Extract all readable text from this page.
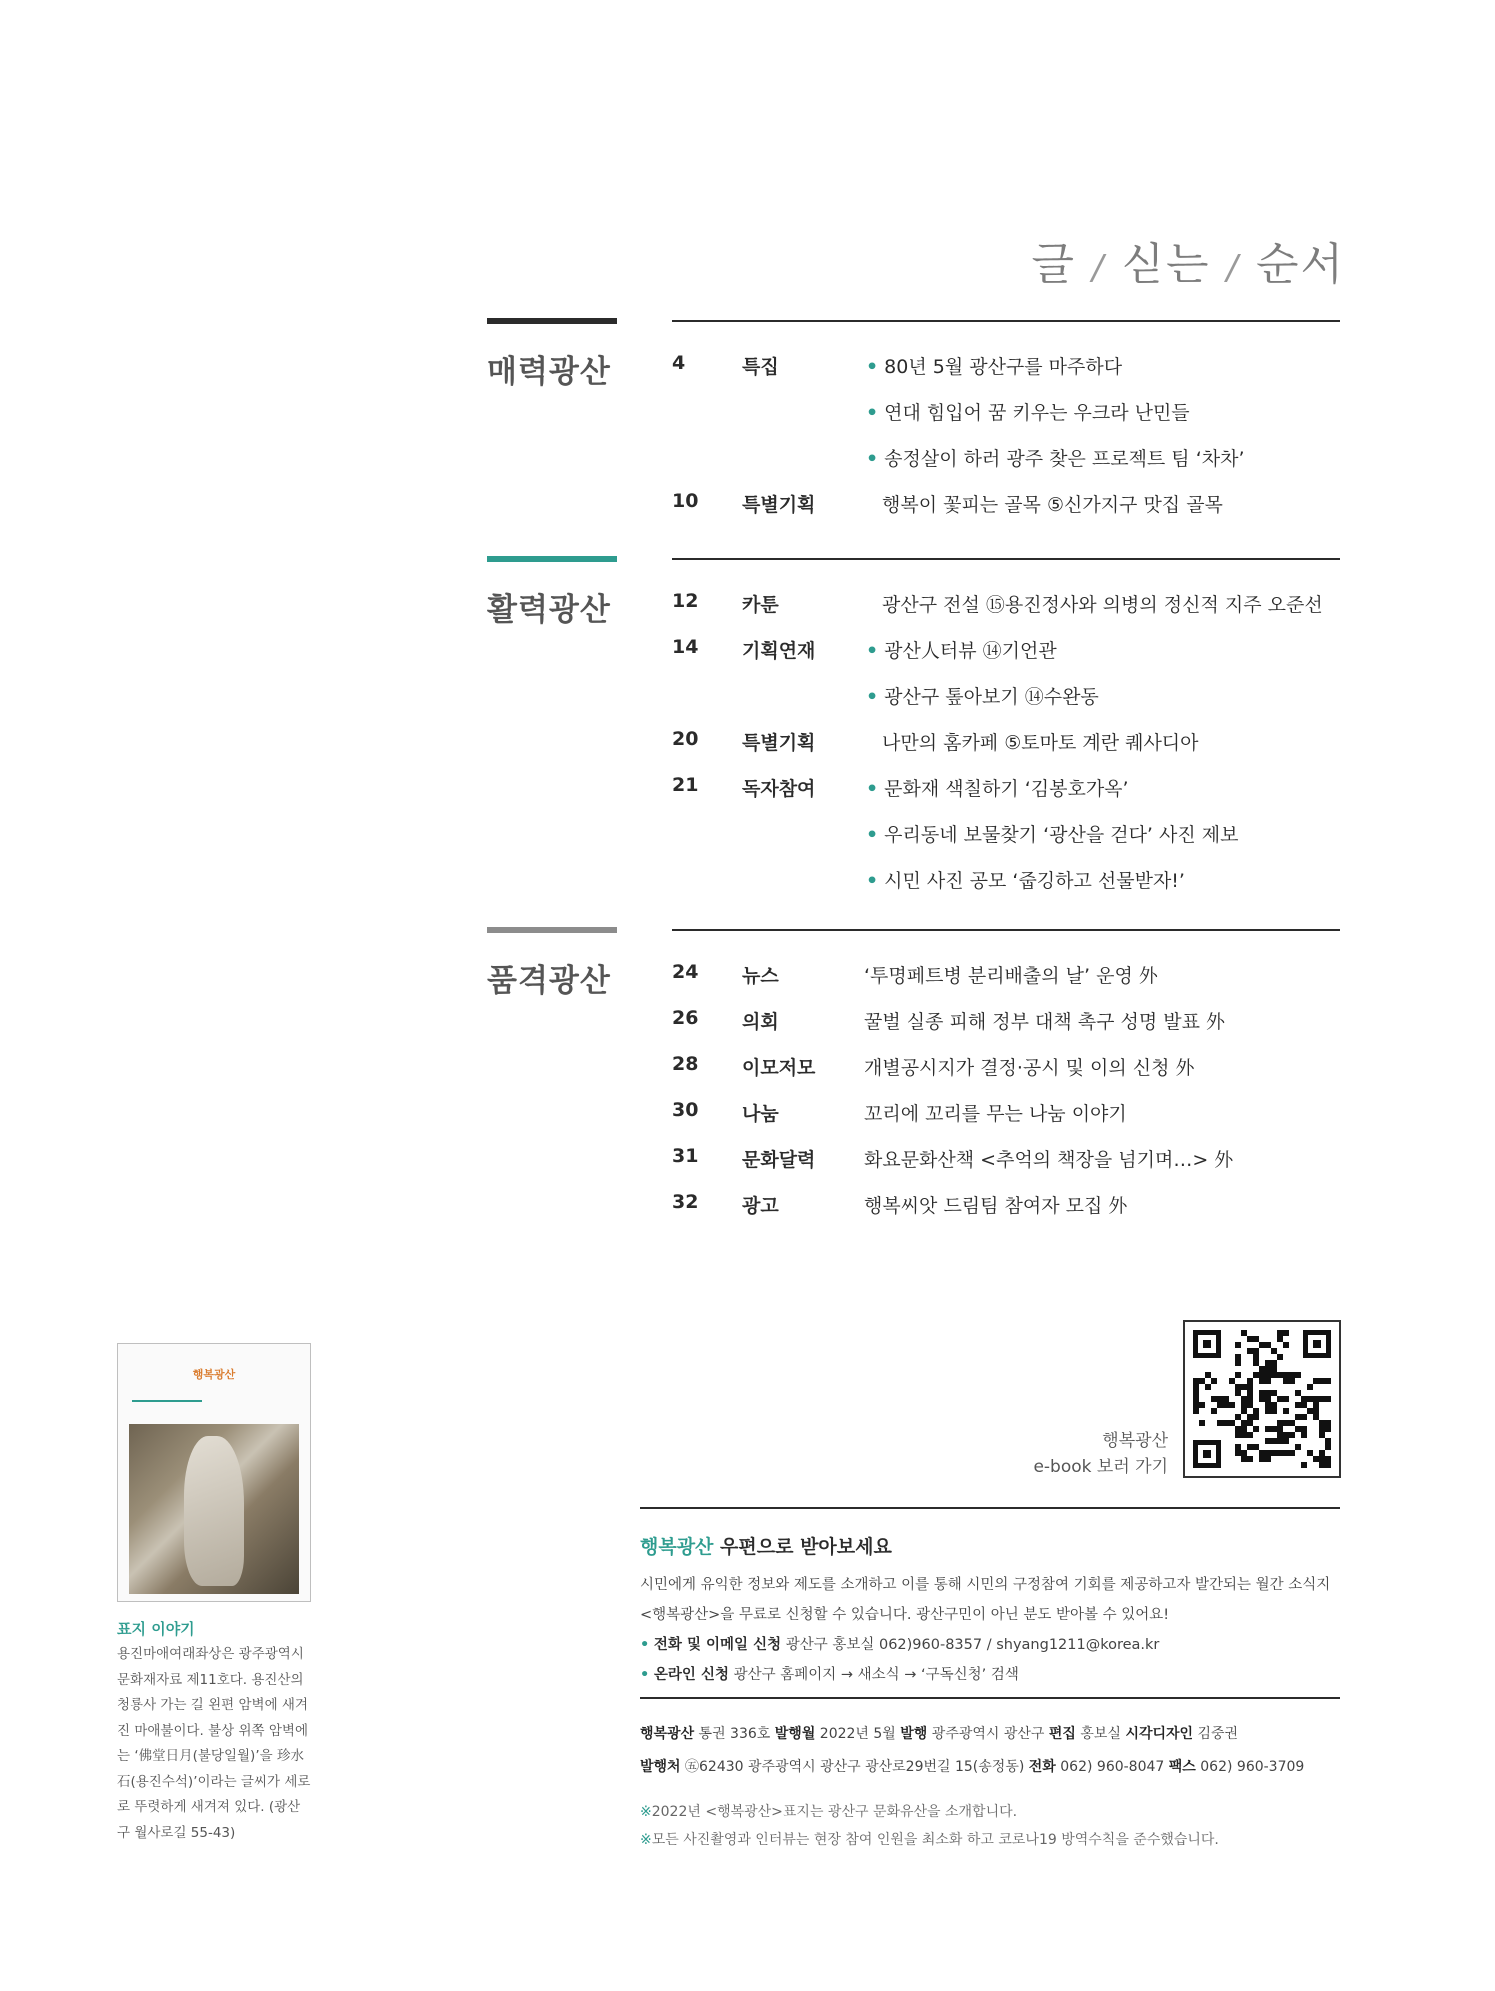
글 / 싣는 / 순서
매력광산	4	특집	• 80년 5월 광산구를 마주하다
• 연대 힘입어 꿈 키우는 우크라 난민들
• 송정살이 하러 광주 찾은 프로젝트 팀 ‘차차’
10	특별기획	행복이 꽃피는 골목 ⑤신가지구 맛집 골목
활력광산	12	카툰	광산구 전설 ⑮용진정사와 의병의 정신적 지주 오준선
14	기획연재	• 광산人터뷰 ⑭기언관
• 광산구 톺아보기 ⑭수완동
20	특별기획	나만의 홈카페 ⑤토마토 계란 퀘사디아
21	독자참여	• 문화재 색칠하기 ‘김봉호가옥’
• 우리동네 보물찾기 ‘광산을 걷다’ 사진 제보
• 시민 사진 공모 ‘줍깅하고 선물받자!’
품격광산	24	뉴스	‘투명페트병 분리배출의 날’ 운영 外
26	의회	꿀벌 실종 피해 정부 대책 촉구 성명 발표 外
28	이모저모	개별공시지가 결정·공시 및 이의 신청 外
30	나눔	꼬리에 꼬리를 무는 나눔 이야기
31	문화달력	화요문화산책 <추억의 책장을 넘기며…> 外
32	광고	행복씨앗 드림팀 참여자 모집 外
행복광산
표지 이야기
용진마애여래좌상은 광주광역시 문화재자료 제11호다. 용진산의 청룡사 가는 길 왼편 암벽에 새겨진 마애불이다. 불상 위쪽 암벽에는 ‘佛堂日月(불당일월)’을 珍水石(용진수석)’이라는 글씨가 세로로 뚜렷하게 새겨져 있다. (광산구 월사로길 55-43)
행복광산
e-book 보러 가기
행복광산 우편으로 받아보세요
시민에게 유익한 정보와 제도를 소개하고 이를 통해 시민의 구정참여 기회를 제공하고자 발간되는 월간 소식지 <행복광산>을 무료로 신청할 수 있습니다. 광산구민이 아닌 분도 받아볼 수 있어요!
• 전화 및 이메일 신청 광산구 홍보실 062)960-8357 / shyang1211@korea.kr
• 온라인 신청 광산구 홈페이지 → 새소식 → ‘구독신청’ 검색
행복광산 통권 336호 발행월 2022년 5월 발행 광주광역시 광산구 편집 홍보실 시각디자인 김중권
발행처 ㊄62430 광주광역시 광산구 광산로29번길 15(송정동) 전화 062) 960-8047 팩스 062) 960-3709
※2022년 <행복광산>표지는 광산구 문화유산을 소개합니다.
※모든 사진촬영과 인터뷰는 현장 참여 인원을 최소화 하고 코로나19 방역수칙을 준수했습니다.
